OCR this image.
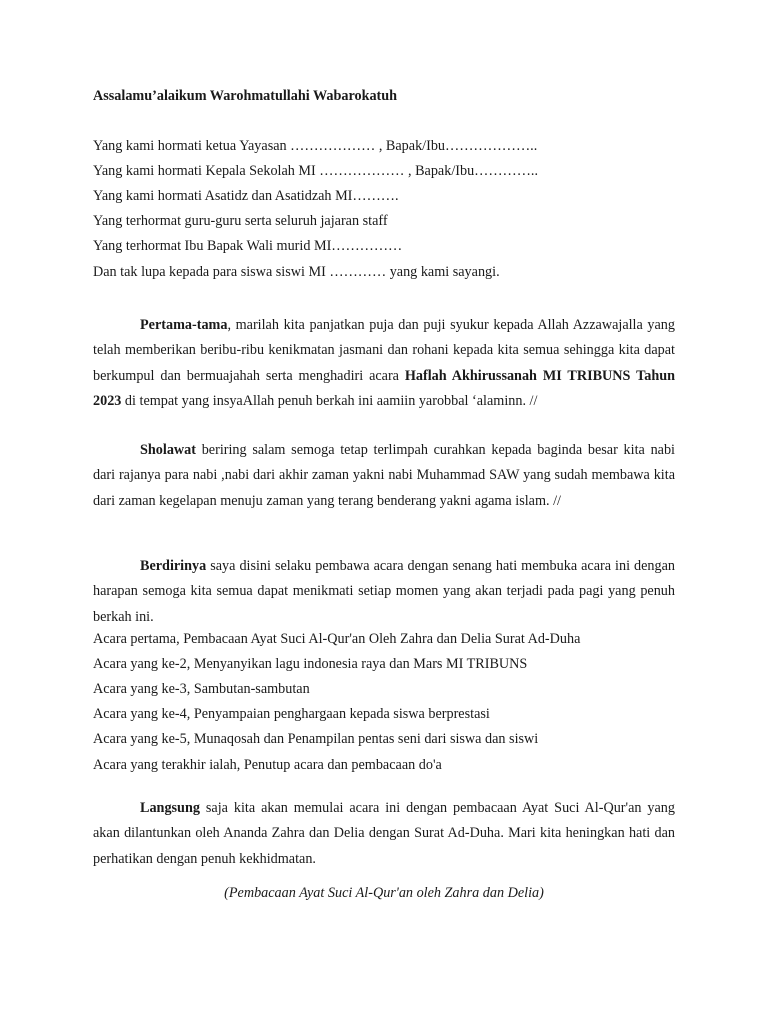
Assalamu’alaikum Warohmatullahi Wabarokatuh
Yang kami hormati ketua Yayasan ……………… , Bapak/Ibu………………..
Yang kami hormati Kepala Sekolah MI ……………… , Bapak/Ibu…………..
Yang kami hormati Asatidz dan Asatidzah MI……….
Yang terhormat guru-guru serta seluruh jajaran staff
Yang terhormat Ibu Bapak Wali murid MI……………
Dan tak lupa kepada para siswa siswi MI ………… yang kami sayangi.
Pertama-tama, marilah kita panjatkan puja dan puji syukur kepada Allah Azzawajalla yang telah memberikan beribu-ribu kenikmatan jasmani dan rohani kepada kita semua sehingga kita dapat berkumpul dan bermuajahah serta menghadiri acara Haflah Akhirussanah MI TRIBUNS Tahun 2023 di tempat yang insyaAllah penuh berkah ini aamiin yarobbal ‘alaminn. //
Sholawat beriring salam semoga tetap terlimpah curahkan kepada baginda besar kita nabi dari rajanya para nabi ,nabi dari akhir zaman yakni nabi Muhammad SAW yang sudah membawa kita dari zaman kegelapan menuju zaman yang terang benderang yakni agama islam. //
Berdirinya saya disini selaku pembawa acara dengan senang hati membuka acara ini dengan harapan semoga kita semua dapat menikmati setiap momen yang akan terjadi pada pagi yang penuh berkah ini.
Acara pertama, Pembacaan Ayat Suci Al-Qur'an Oleh Zahra dan Delia Surat Ad-Duha
Acara yang ke-2, Menyanyikan lagu indonesia raya dan Mars MI TRIBUNS
Acara yang ke-3, Sambutan-sambutan
Acara yang ke-4, Penyampaian penghargaan kepada siswa berprestasi
Acara yang ke-5, Munaqosah dan Penampilan pentas seni dari siswa dan siswi
Acara yang terakhir ialah, Penutup acara dan pembacaan do'a
Langsung saja kita akan memulai acara ini dengan pembacaan Ayat Suci Al-Qur'an yang akan dilantunkan oleh Ananda Zahra dan Delia dengan Surat Ad-Duha. Mari kita heningkan hati dan perhatikan dengan penuh kekhidmatan.
(Pembacaan Ayat Suci Al-Qur'an oleh Zahra dan Delia)
